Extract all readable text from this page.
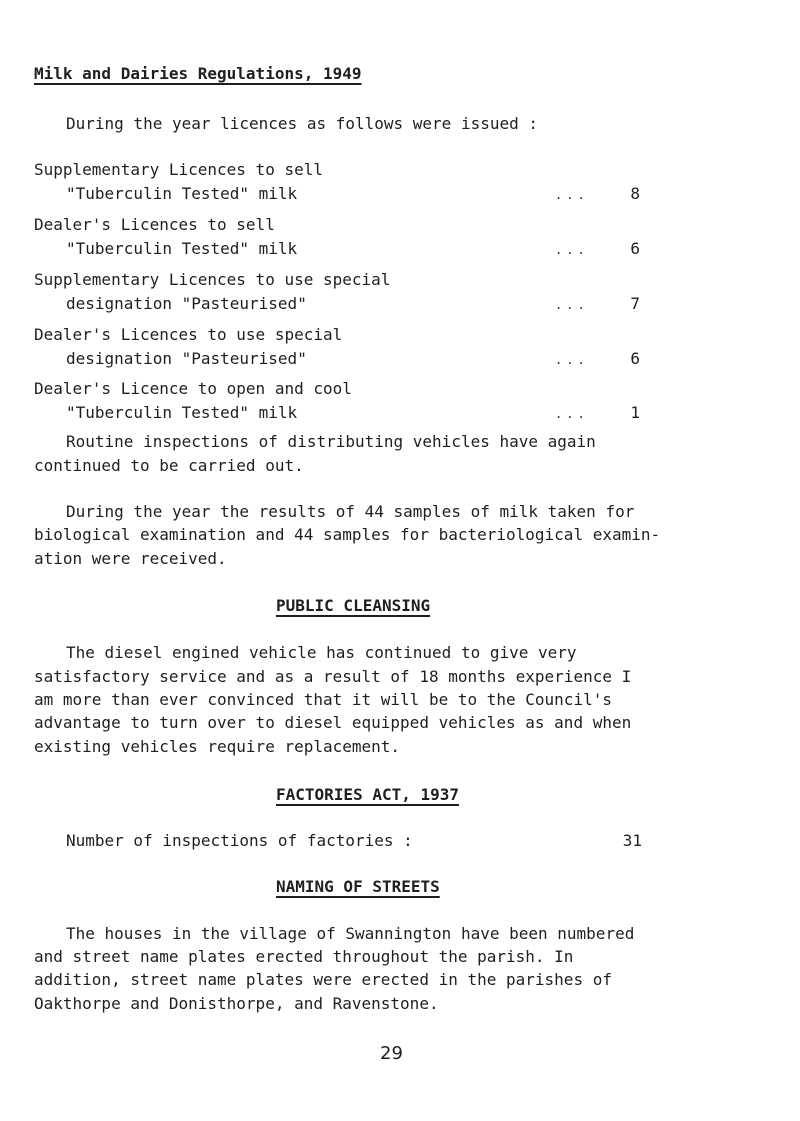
Milk and Dairies Regulations, 1949
During the year licences as follows were issued :
Supplementary Licences to sell
"Tuberculin Tested" milk	...	8
Dealer's Licences to sell
"Tuberculin Tested" milk	...	6
Supplementary Licences to use special
designation "Pasteurised"	...	7
Dealer's Licences to use special
designation "Pasteurised"	...	6
Dealer's Licence to open and cool
"Tuberculin Tested" milk	...	1
Routine inspections of distributing vehicles have again
continued to be carried out.
During the year the results of 44 samples of milk taken for
biological examination and 44 samples for bacteriological examin-
ation were received.
PUBLIC CLEANSING
The diesel engined vehicle has continued to give very
satisfactory service and as a result of 18 months experience I
am more than ever convinced that it will be to the Council's
advantage to turn over to diesel equipped vehicles as and when
existing vehicles require replacement.
FACTORIES ACT, 1937
Number of inspections of factories :	31
NAMING OF STREETS
The houses in the village of Swannington have been numbered
and street name plates erected throughout the parish. In
addition, street name plates were erected in the parishes of
Oakthorpe and Donisthorpe, and Ravenstone.
29
